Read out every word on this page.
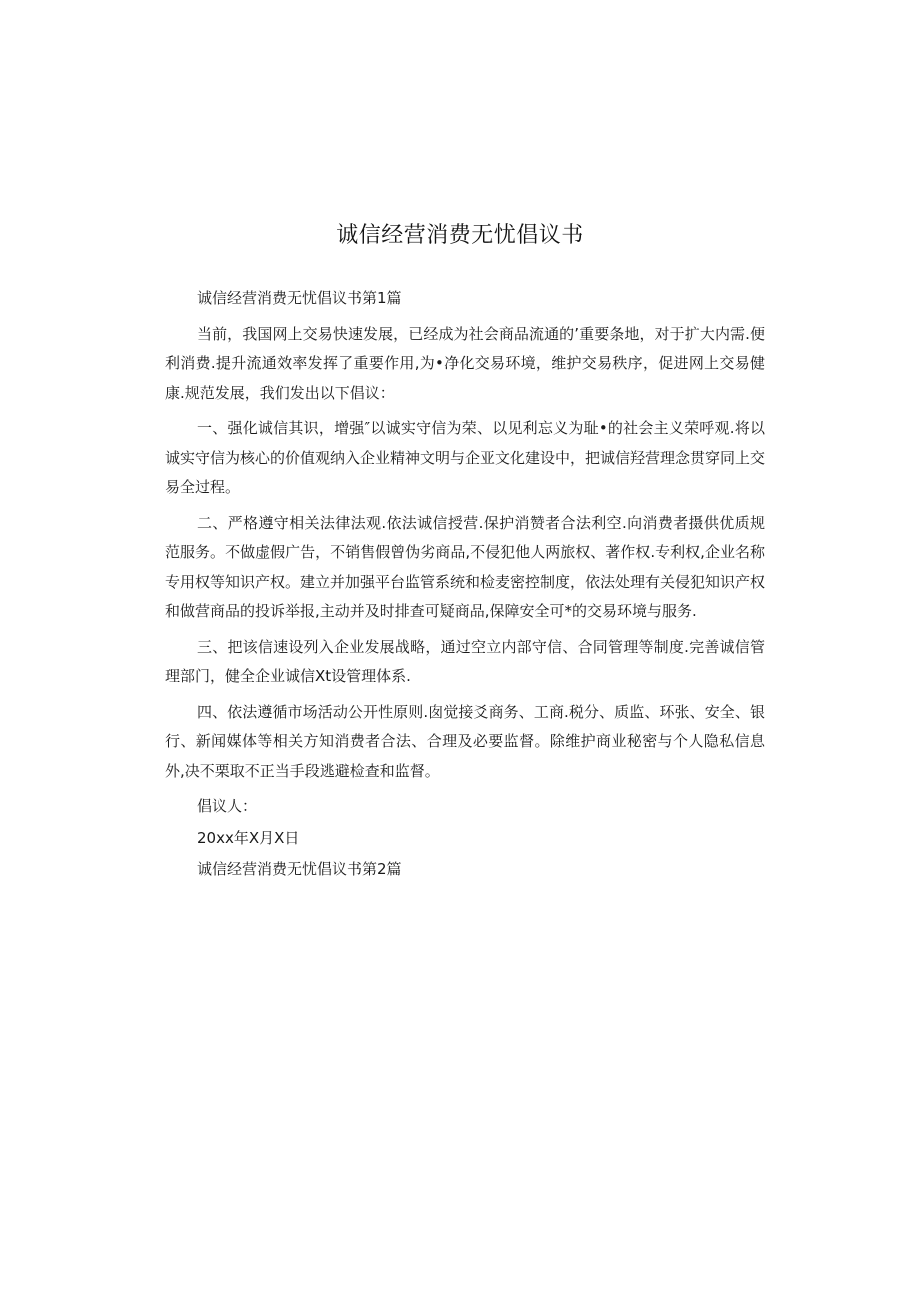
诚信经营消费无忧倡议书

诚信经营消费无忧倡议书第1篇

当前，我国网上交易快速发展，已经成为社会商品流通的’重要条地，对于扩大内需.便利消费.提升流通效率发挥了重要作用,为•净化交易环境，维护交易秩序，促进网上交易健康.规范发展，我们发出以下倡议：

一、强化诚信其识，增强″以诚实守信为荣、以见利忘义为耻•的社会主义荣呼观.将以诚实守信为核心的价值观纳入企业精神文明与企亚文化建设中，把诚信羟营理念贯穿同上交易全过程。

二、严格遵守相关法律法观.依法诚信授营.保护消赞者合法利空.向消费者摄供优质规范服务。不做虚假广告，不销售假曾伪劣商品,不侵犯他人两旅权、著作权.专利权,企业名称专用权等知识产权。建立并加强平台监管系统和检麦密控制度，依法处理有关侵犯知识产权和做营商品的投诉举报,主动并及时排查可疑商品,保障安全可*的交易环境与服务.

三、把该信速设列入企业发展战略，通过空立内部守信、合同管理等制度.完善诚信管理部门，健全企业诚信Xt设管理体系.

四、依法遵循市场活动公开性原则.囱觉接爻商务、工商.税分、质监、环张、安全、银行、新闻媒体等相关方知消费者合法、合理及必要监督。除维护商业秘密与个人隐私信息外,决不栗取不正当手段逃避检查和监督。

倡议人：

20xx年X月X日

诚信经营消费无忧倡议书第2篇
